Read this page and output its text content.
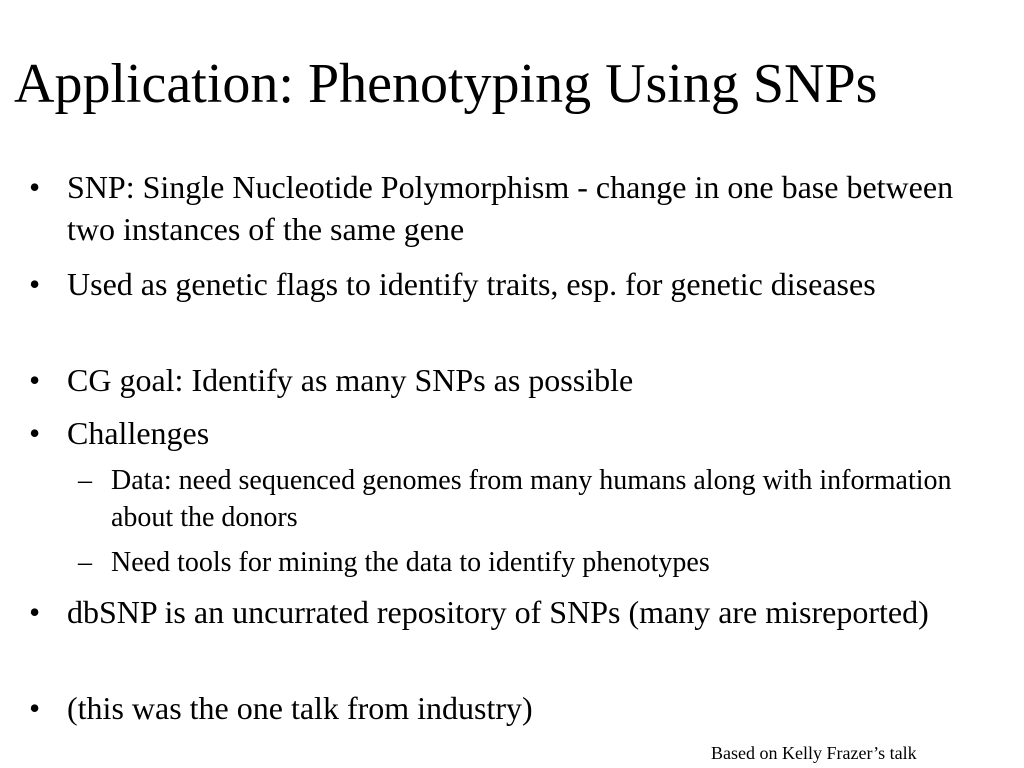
Application: Phenotyping Using SNPs

• SNP: Single Nucleotide Polymorphism - change in one base between two instances of the same gene

• Used as genetic flags to identify traits, esp. for genetic diseases

• CG goal: Identify as many SNPs as possible

• Challenges

– Data: need sequenced genomes from many humans along with information about the donors

– Need tools for mining the data to identify phenotypes

• dbSNP is an uncurrated repository of SNPs (many are misreported)

• (this was the one talk from industry)

Based on Kelly Frazer’s talk
